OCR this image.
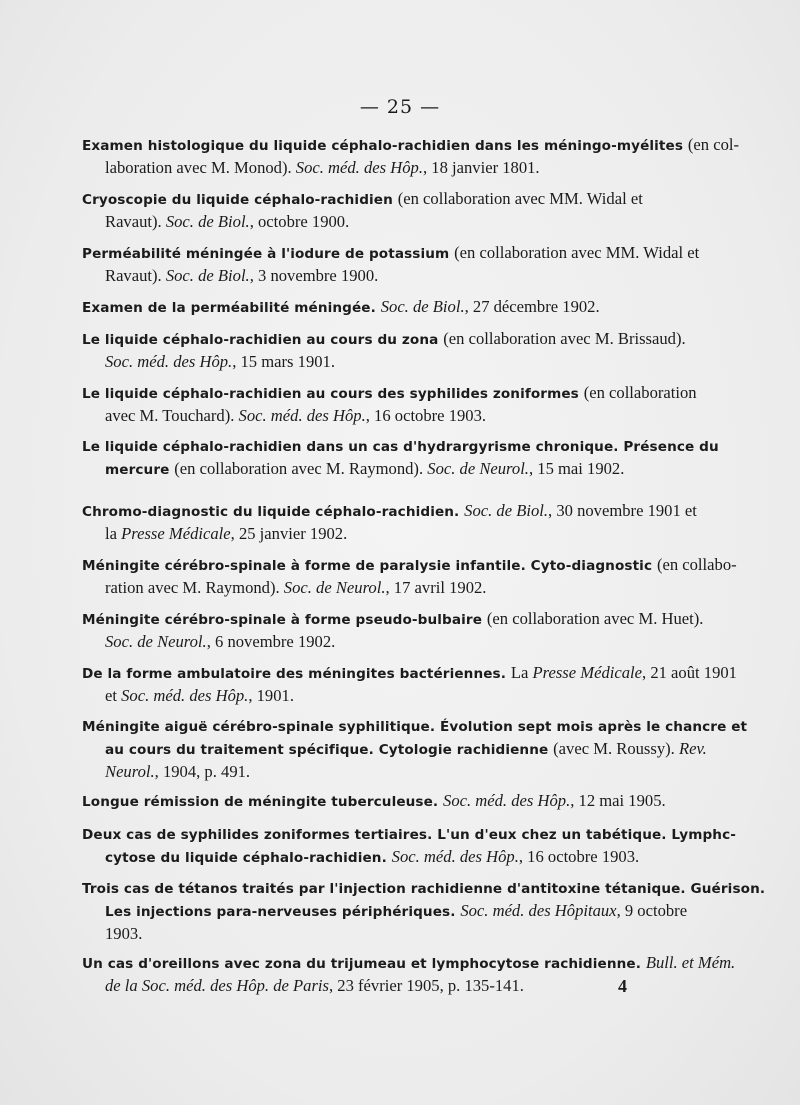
— 25 —
Examen histologique du liquide céphalo-rachidien dans les méningo-myélites (en col-
laboration avec M. Monod). Soc. méd. des Hôp., 18 janvier 1801.
Cryoscopie du liquide céphalo-rachidien (en collaboration avec MM. Widal et
Ravaut). Soc. de Biol., octobre 1900.
Perméabilité méningée à l'iodure de potassium (en collaboration avec MM. Widal et
Ravaut). Soc. de Biol., 3 novembre 1900.
Examen de la perméabilité méningée. Soc. de Biol., 27 décembre 1902.
Le liquide céphalo-rachidien au cours du zona (en collaboration avec M. Brissaud).
Soc. méd. des Hôp., 15 mars 1901.
Le liquide céphalo-rachidien au cours des syphilides zoniformes (en collaboration
avec M. Touchard). Soc. méd. des Hôp., 16 octobre 1903.
Le liquide céphalo-rachidien dans un cas d'hydrargyrisme chronique. Présence du
mercure (en collaboration avec M. Raymond). Soc. de Neurol., 15 mai 1902.
Chromo-diagnostic du liquide céphalo-rachidien. Soc. de Biol., 30 novembre 1901 et
la Presse Médicale, 25 janvier 1902.
Méningite cérébro-spinale à forme de paralysie infantile. Cyto-diagnostic (en collabo-
ration avec M. Raymond). Soc. de Neurol., 17 avril 1902.
Méningite cérébro-spinale à forme pseudo-bulbaire (en collaboration avec M. Huet).
Soc. de Neurol., 6 novembre 1902.
De la forme ambulatoire des méningites bactériennes. La Presse Médicale, 21 août 1901
et Soc. méd. des Hôp., 1901.
Méningite aiguë cérébro-spinale syphilitique. Évolution sept mois après le chancre et
au cours du traitement spécifique. Cytologie rachidienne (avec M. Roussy). Rev.
Neurol., 1904, p. 491.
Longue rémission de méningite tuberculeuse. Soc. méd. des Hôp., 12 mai 1905.
Deux cas de syphilides zoniformes tertiaires. L'un d'eux chez un tabétique. Lymphc-
cytose du liquide céphalo-rachidien. Soc. méd. des Hôp., 16 octobre 1903.
Trois cas de tétanos traités par l'injection rachidienne d'antitoxine tétanique. Guérison.
Les injections para-nerveuses périphériques. Soc. méd. des Hôpitaux, 9 octobre
1903.
Un cas d'oreillons avec zona du trijumeau et lymphocytose rachidienne. Bull. et Mém.
de la Soc. méd. des Hôp. de Paris, 23 février 1905, p. 135-141.	4
